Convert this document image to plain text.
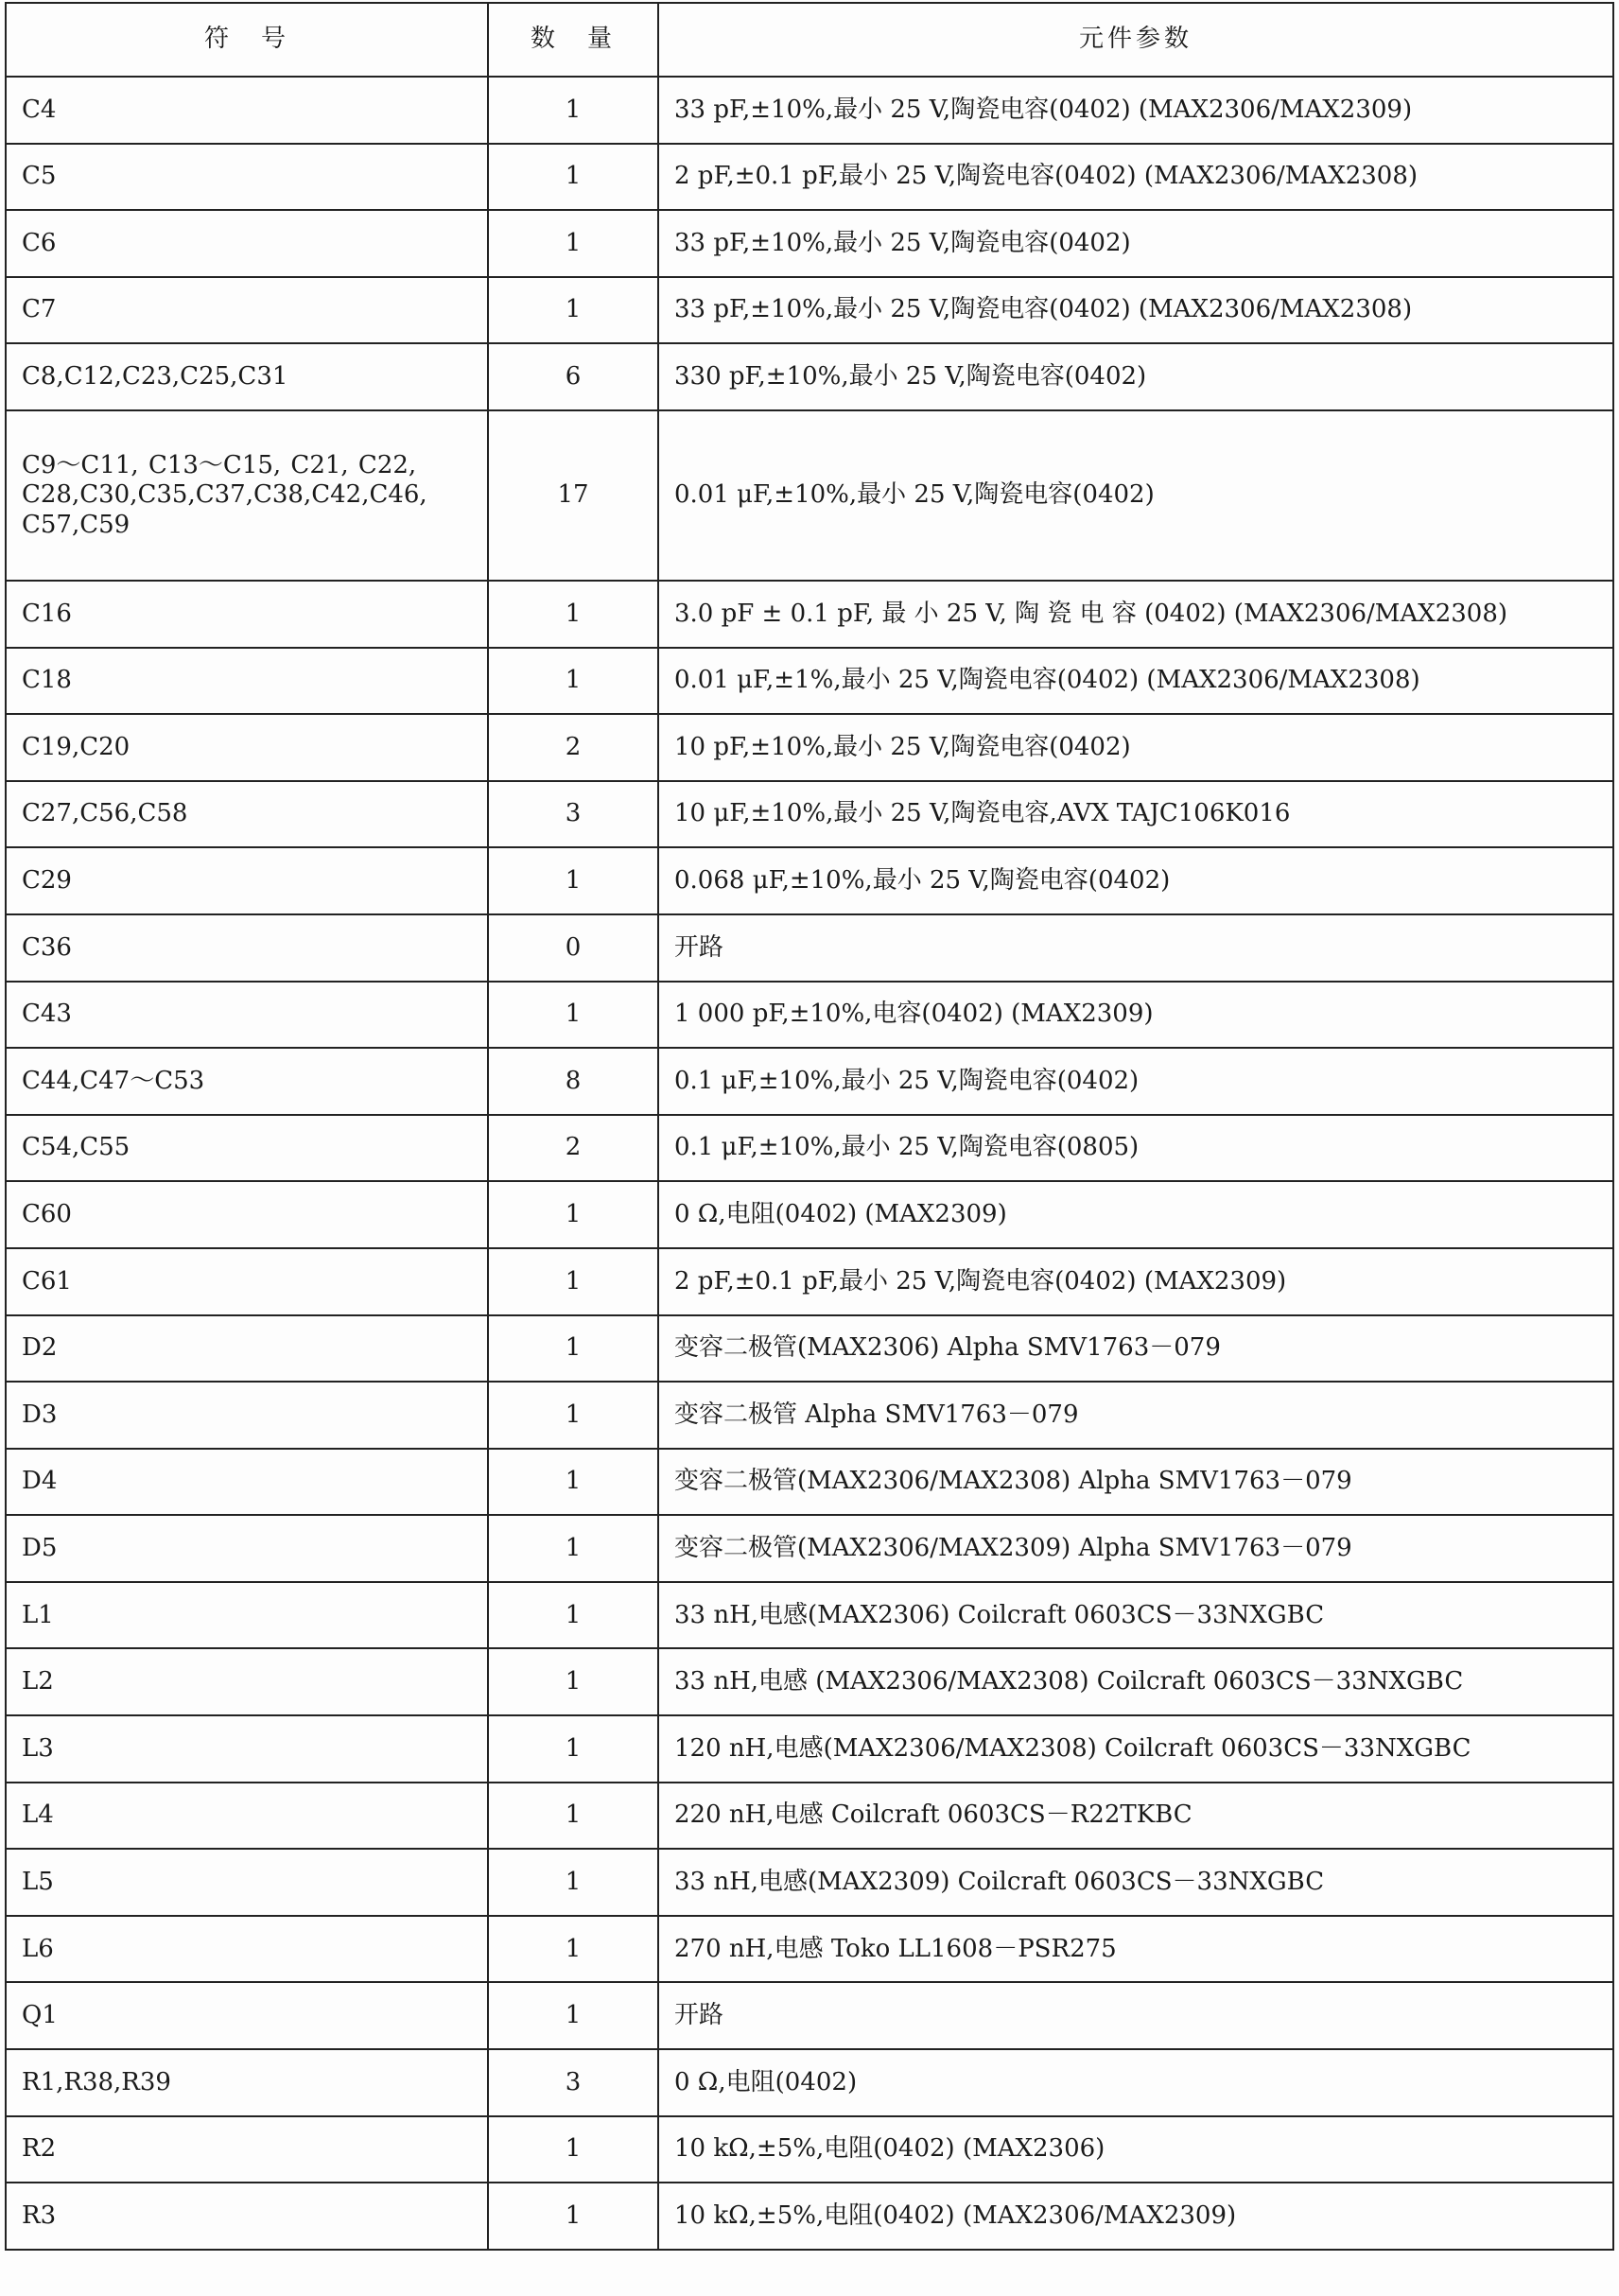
符　号	数　量	元件参数

C4	1	33 pF,±10%,最小 25 V,陶瓷电容(0402) (MAX2306/MAX2309)

C5	1	2 pF,±0.1 pF,最小 25 V,陶瓷电容(0402) (MAX2306/MAX2308)

C6	1	33 pF,±10%,最小 25 V,陶瓷电容(0402)

C7	1	33 pF,±10%,最小 25 V,陶瓷电容(0402) (MAX2306/MAX2308)

C8,C12,C23,C25,C31	6	330 pF,±10%,最小 25 V,陶瓷电容(0402)

C9～C11, C13～C15, C21, C22,
C28,C30,C35,C37,C38,C42,C46,
C57,C59	17	0.01 μF,±10%,最小 25 V,陶瓷电容(0402)

C16	1	3.0 pF ± 0.1 pF, 最 小 25 V, 陶 瓷 电 容 (0402) (MAX2306/MAX2308)

C18	1	0.01 μF,±1%,最小 25 V,陶瓷电容(0402) (MAX2306/MAX2308)

C19,C20	2	10 pF,±10%,最小 25 V,陶瓷电容(0402)

C27,C56,C58	3	10 μF,±10%,最小 25 V,陶瓷电容,AVX TAJC106K016

C29	1	0.068 μF,±10%,最小 25 V,陶瓷电容(0402)

C36	0	开路

C43	1	1 000 pF,±10%,电容(0402) (MAX2309)

C44,C47～C53	8	0.1 μF,±10%,最小 25 V,陶瓷电容(0402)

C54,C55	2	0.1 μF,±10%,最小 25 V,陶瓷电容(0805)

C60	1	0 Ω,电阻(0402) (MAX2309)

C61	1	2 pF,±0.1 pF,最小 25 V,陶瓷电容(0402) (MAX2309)

D2	1	变容二极管(MAX2306) Alpha SMV1763－079

D3	1	变容二极管 Alpha SMV1763－079

D4	1	变容二极管(MAX2306/MAX2308) Alpha SMV1763－079

D5	1	变容二极管(MAX2306/MAX2309) Alpha SMV1763－079

L1	1	33 nH,电感(MAX2306) Coilcraft 0603CS－33NXGBC

L2	1	33 nH,电感 (MAX2306/MAX2308) Coilcraft 0603CS－33NXGBC

L3	1	120 nH,电感(MAX2306/MAX2308) Coilcraft 0603CS－33NXGBC

L4	1	220 nH,电感 Coilcraft 0603CS－R22TKBC

L5	1	33 nH,电感(MAX2309) Coilcraft 0603CS－33NXGBC

L6	1	270 nH,电感 Toko LL1608－PSR275

Q1	1	开路

R1,R38,R39	3	0 Ω,电阻(0402)

R2	1	10 kΩ,±5%,电阻(0402) (MAX2306)

R3	1	10 kΩ,±5%,电阻(0402) (MAX2306/MAX2309)
